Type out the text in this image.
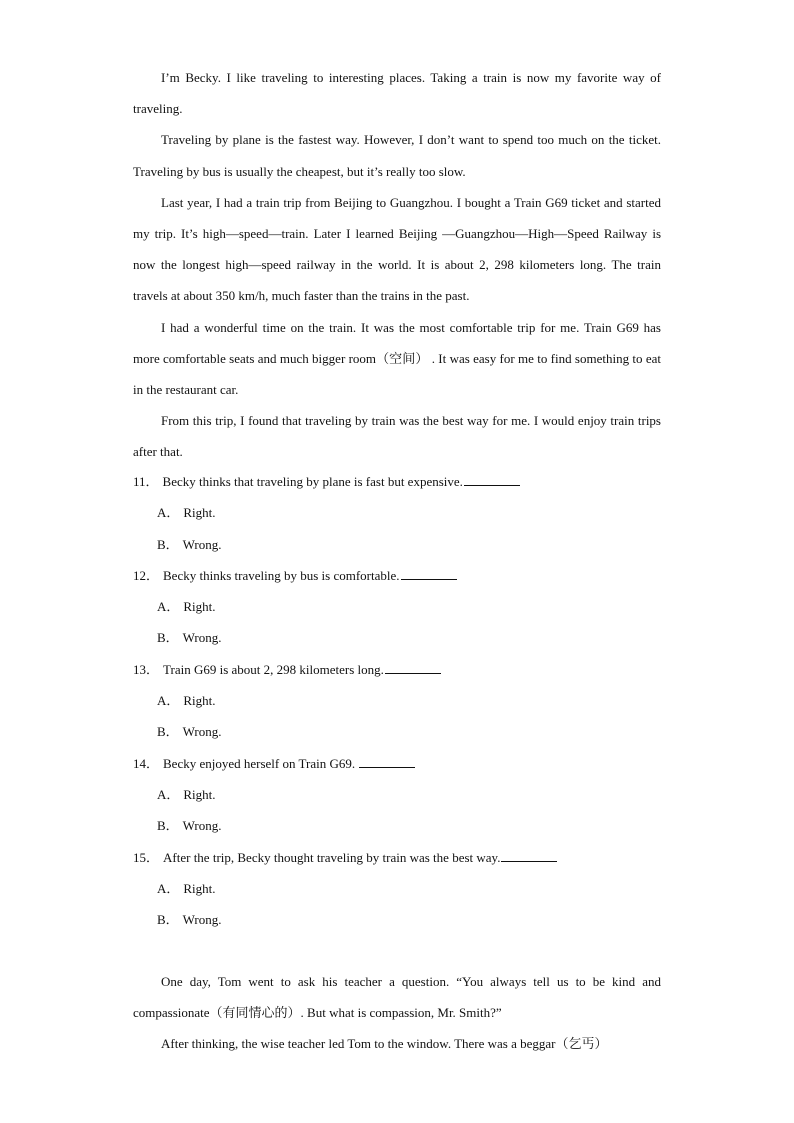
I’m Becky. I like traveling to interesting places. Taking a train is now my favorite way of traveling.

Traveling by plane is the fastest way. However, I don’t want to spend too much on the ticket. Traveling by bus is usually the cheapest, but it’s really too slow.

Last year, I had a train trip from Beijing to Guangzhou. I bought a Train G69 ticket and started my trip. It’s high—speed—train. Later I learned Beijing —Guangzhou—High—Speed Railway is now the longest high—speed railway in the world. It is about 2, 298 kilometers long. The train travels at about 350 km/h, much faster than the trains in the past.

I had a wonderful time on the train. It was the most comfortable trip for me. Train G69 has more comfortable seats and much bigger room（空间） . It was easy for me to find something to eat in the restaurant car.

From this trip, I found that traveling by train was the best way for me. I would enjoy train trips after that.

11． Becky thinks that traveling by plane is fast but expensive.
A． Right.
B． Wrong.
12． Becky thinks traveling by bus is comfortable.
A． Right.
B． Wrong.
13． Train G69 is about 2, 298 kilometers long.
A． Right.
B． Wrong.
14． Becky enjoyed herself on Train G69.
A． Right.
B． Wrong.
15． After the trip, Becky thought traveling by train was the best way.
A． Right.
B． Wrong.

One day, Tom went to ask his teacher a question. “You always tell us to be kind and compassionate（有同情心的）. But what is compassion, Mr. Smith?”

After thinking, the wise teacher led Tom to the window. There was a beggar（乞丐）
